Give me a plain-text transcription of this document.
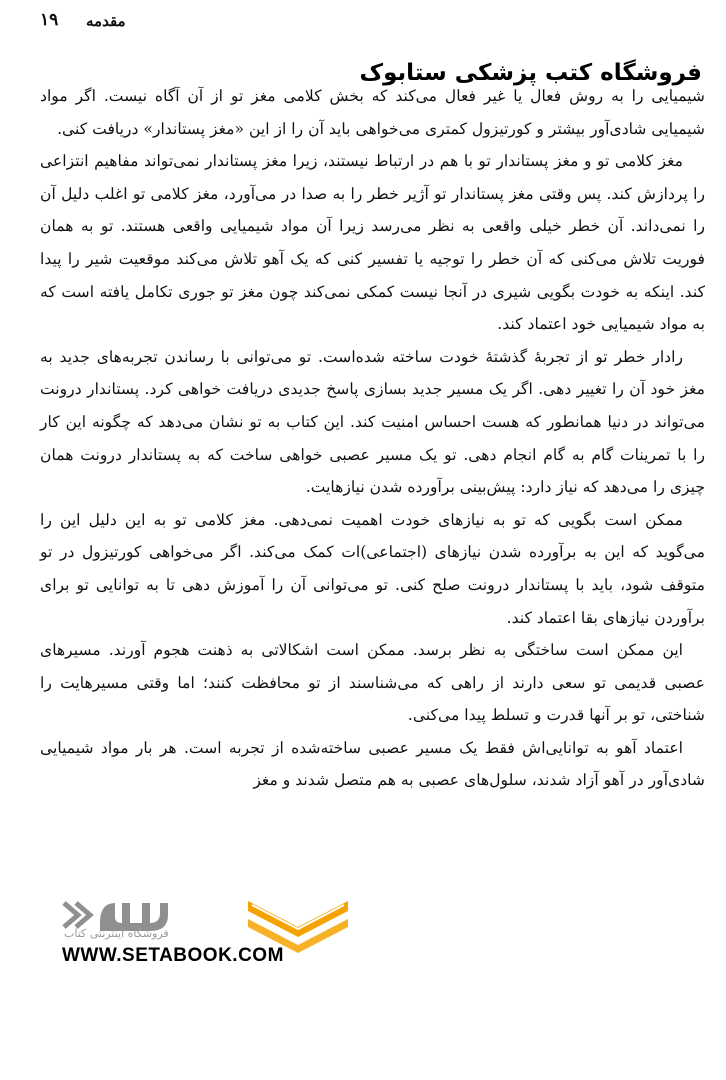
۱۹ مقدمه

شیمیایی را به روش فعال یا غیر فعال می‌کند که بخش کلامی مغز تو از آن آگاه نیست. اگر مواد شیمیایی شادی‌آور بیشتر و کورتیزول کمتری می‌خواهی باید آن را از این «مغز پستاندار» دریافت کنی.

مغز کلامی تو و مغز پستاندار تو با هم در ارتباط نیستند، زیرا مغز پستاندار نمی‌تواند مفاهیم انتزاعی را پردازش کند. پس وقتی مغز پستاندار تو آژیر خطر را به صدا در می‌آورد، مغز کلامی تو اغلب دلیل آن را نمی‌داند. آن خطر خیلی واقعی به نظر می‌رسد زیرا آن مواد شیمیایی واقعی هستند. تو به همان فوریت تلاش می‌کنی که آن خطر را توجیه یا تفسیر کنی که یک آهو تلاش می‌کند موقعیت شیر را پیدا کند. اینکه به خودت بگویی شیری در آنجا نیست کمکی نمی‌کند چون مغز تو جوری تکامل یافته است که به مواد شیمیایی خود اعتماد کند.

رادار خطر تو از تجربهٔ گذشتهٔ خودت ساخته شده‌است. تو می‌توانی با رساندن تجربه‌های جدید به مغز خود آن را تغییر دهی. اگر یک مسیر جدید بسازی پاسخ جدیدی دریافت خواهی کرد. پستاندار درونت می‌تواند در دنیا همانطور که هست احساس امنیت کند. این کتاب به تو نشان می‌دهد که چگونه این کار را با تمرینات گام به گام انجام دهی. تو یک مسیر عصبی خواهی ساخت که به پستاندار درونت همان چیزی را می‌دهد که نیاز دارد: پیش‌بینی برآورده شدن نیازهایت.

ممکن است بگویی که تو به نیازهای خودت اهمیت نمی‌دهی. مغز کلامی تو به این دلیل این را می‌گوید که این به برآورده شدن نیازهای (اجتماعی)ات کمک می‌کند. اگر می‌خواهی کورتیزول در تو متوقف شود، باید با پستاندار درونت صلح کنی. تو می‌توانی آن را آموزش دهی تا به توانایی تو برای برآوردن نیازهای بقا اعتماد کند.

این ممکن است ساختگی به نظر برسد. ممکن است اشکالاتی به ذهنت هجوم آورند. مسیرهای عصبی قدیمی تو سعی دارند از راهی که می‌شناسند از تو محافظت کنند؛ اما وقتی مسیرهایت را شناختی، تو بر آنها قدرت و تسلط پیدا می‌کنی.

اعتماد آهو به توانایی‌اش فقط یک مسیر عصبی ساخته‌شده از تجربه است. هر بار مواد شیمیایی شادی‌آور در آهو آزاد شدند، سلول‌های عصبی به هم متصل شدند و مغز

فروشگاه کتب پزشکی ستابوک
فروشگاه اینترنتی کتاب
WWW.SETABOOK.COM
